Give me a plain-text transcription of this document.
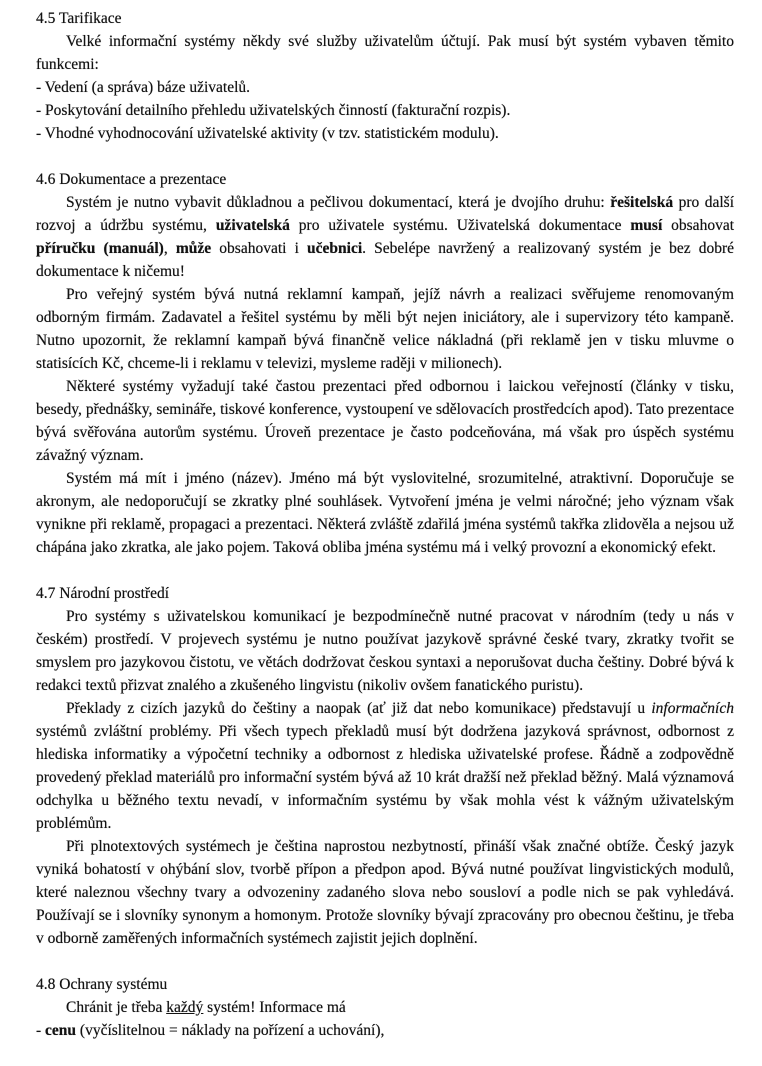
4.5 Tarifikace

Velké informační systémy někdy své služby uživatelům účtují. Pak musí být systém vybaven těmito funkcemi:

- Vedení (a správa) báze uživatelů.

- Poskytování detailního přehledu uživatelských činností (fakturační rozpis).

- Vhodné vyhodnocování uživatelské aktivity (v tzv. statistickém modulu).

4.6 Dokumentace a prezentace

Systém je nutno vybavit důkladnou a pečlivou dokumentací, která je dvojího druhu: řešitelská pro další rozvoj a údržbu systému, uživatelská pro uživatele systému. Uživatelská dokumentace musí obsahovat příručku (manuál), může obsahovati i učebnici. Sebelépe navržený a realizovaný systém je bez dobré dokumentace k ničemu!

Pro veřejný systém bývá nutná reklamní kampaň, jejíž návrh a realizaci svěřujeme renomovaným odborným firmám. Zadavatel a řešitel systému by měli být nejen iniciátory, ale i supervizory této kampaně. Nutno upozornit, že reklamní kampaň bývá finančně velice nákladná (při reklamě jen v tisku mluvme o statisících Kč, chceme-li i reklamu v televizi, mysleme raději v milionech).

Některé systémy vyžadují také častou prezentaci před odbornou i laickou veřejností (články v tisku, besedy, přednášky, semináře, tiskové konference, vystoupení ve sdělovacích prostředcích apod). Tato prezentace bývá svěřována autorům systému. Úroveň prezentace je často podceňována, má však pro úspěch systému závažný význam.

Systém má mít i jméno (název). Jméno má být vyslovitelné, srozumitelné, atraktivní. Doporučuje se akronym, ale nedoporučují se zkratky plné souhlásek. Vytvoření jména je velmi náročné; jeho význam však vynikne při reklamě, propagaci a prezentaci. Některá zvláště zdařilá jména systémů takřka zlidověla a nejsou už chápána jako zkratka, ale jako pojem. Taková obliba jména systému má i velký provozní a ekonomický efekt.

4.7 Národní prostředí

Pro systémy s uživatelskou komunikací je bezpodmínečně nutné pracovat v národním (tedy u nás v českém) prostředí. V projevech systému je nutno používat jazykově správné české tvary, zkratky tvořit se smyslem pro jazykovou čistotu, ve větách dodržovat českou syntaxi a neporušovat ducha češtiny. Dobré bývá k redakci textů přizvat znalého a zkušeného lingvistu (nikoliv ovšem fanatického puristu).

Překlady z cizích jazyků do češtiny a naopak (ať již dat nebo komunikace) představují u informačních systémů zvláštní problémy. Při všech typech překladů musí být dodržena jazyková správnost, odbornost z hlediska informatiky a výpočetní techniky a odbornost z hlediska uživatelské profese. Řádně a zodpovědně provedený překlad materiálů pro informační systém bývá až 10 krát dražší než překlad běžný. Malá významová odchylka u běžného textu nevadí, v informačním systému by však mohla vést k vážným uživatelským problémům.

Při plnotextových systémech je čeština naprostou nezbytností, přináší však značné obtíže. Český jazyk vyniká bohatostí v ohýbání slov, tvorbě přípon a předpon apod. Bývá nutné používat lingvistických modulů, které naleznou všechny tvary a odvozeniny zadaného slova nebo sousloví a podle nich se pak vyhledává. Používají se i slovníky synonym a homonym. Protože slovníky bývají zpracovány pro obecnou češtinu, je třeba v odborně zaměřených informačních systémech zajistit jejich doplnění.

4.8 Ochrany systému

Chránit je třeba každý systém! Informace má

- cenu (vyčíslitelnou = náklady na pořízení a uchování),
